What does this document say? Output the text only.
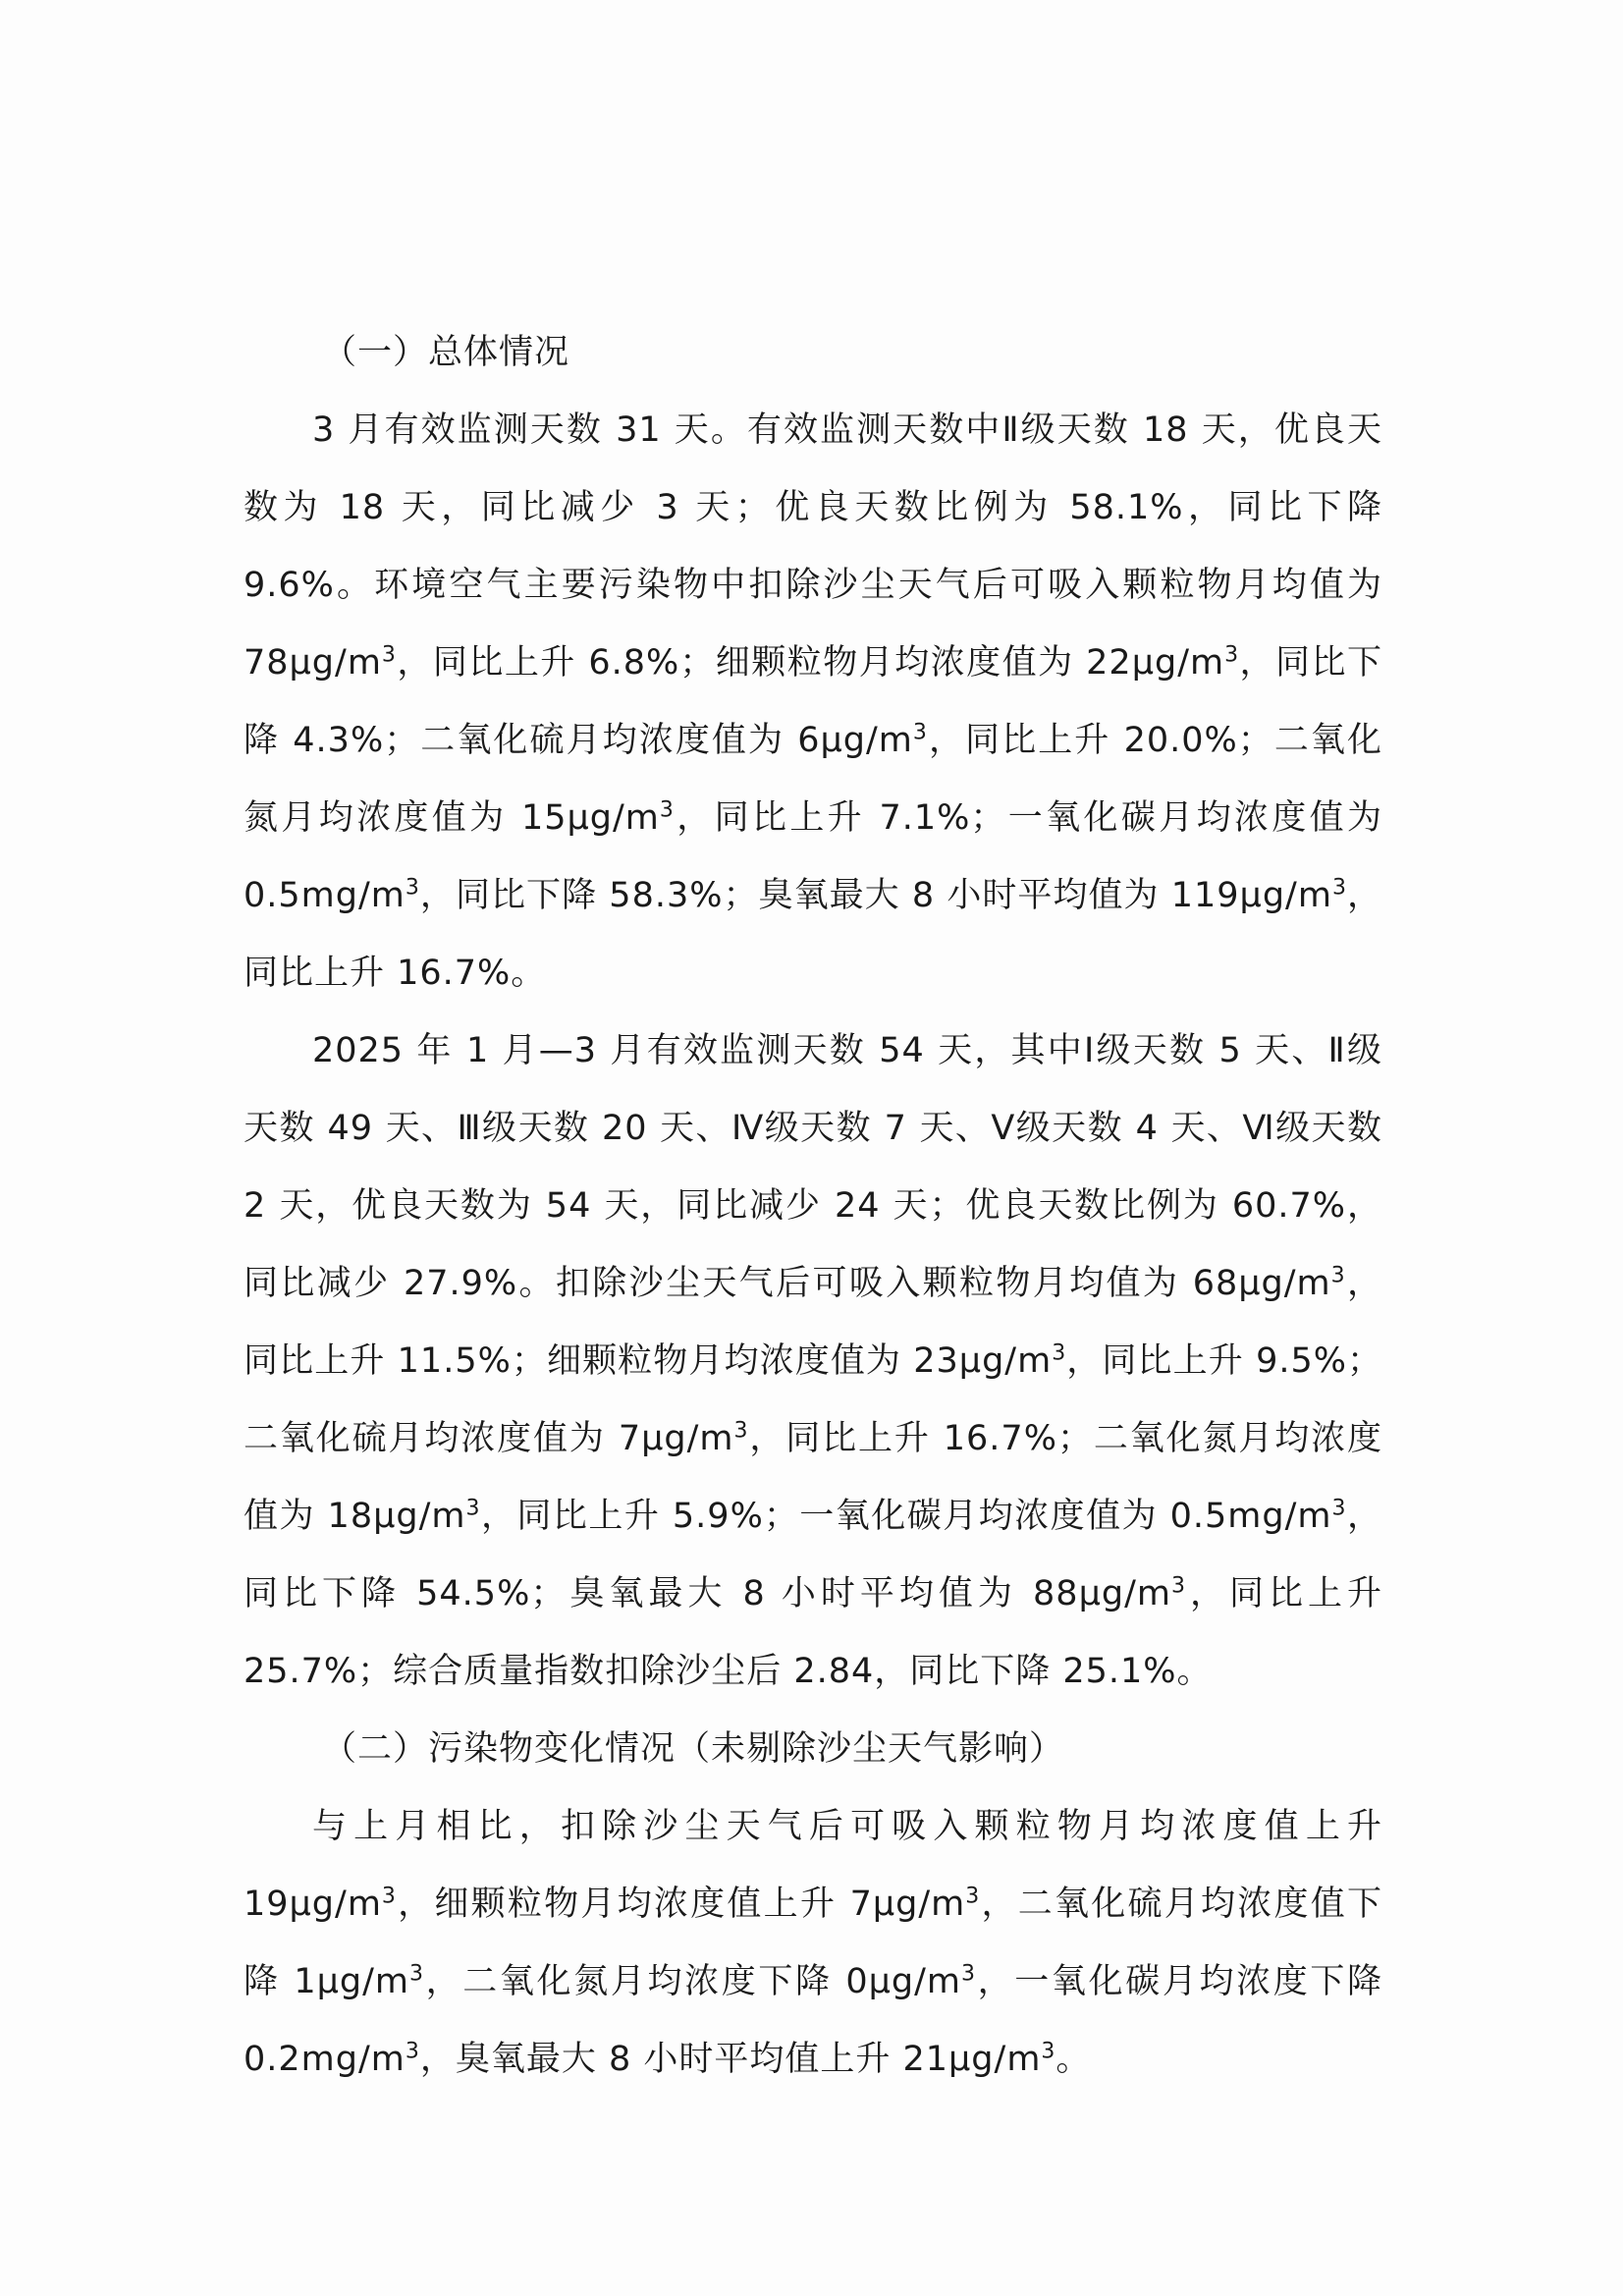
（一）总体情况

3 月有效监测天数 31 天。有效监测天数中Ⅱ级天数 18 天，优良天数为 18 天，同比减少 3 天；优良天数比例为 58.1%，同比下降 9.6%。环境空气主要污染物中扣除沙尘天气后可吸入颗粒物月均值为 $78\mu g/m^3$，同比上升 6.8%；细颗粒物月均浓度值为 $22\mu g/m^3$，同比下降 4.3%；二氧化硫月均浓度值为 $6\mu g/m^3$，同比上升 20.0%；二氧化氮月均浓度值为 $15\mu g/m^3$，同比上升 7.1%；一氧化碳月均浓度值为 $0.5mg/m^3$，同比下降 58.3%；臭氧最大 8 小时平均值为 $119\mu g/m^3$，同比上升 16.7%。

2025 年 1 月—3 月有效监测天数 54 天，其中Ⅰ级天数 5 天、Ⅱ级天数 49 天、Ⅲ级天数 20 天、Ⅳ级天数 7 天、Ⅴ级天数 4 天、Ⅵ级天数 2 天，优良天数为 54 天，同比减少 24 天；优良天数比例为 60.7%，同比减少 27.9%。扣除沙尘天气后可吸入颗粒物月均值为 $68\mu g/m^3$，同比上升 11.5%；细颗粒物月均浓度值为 $23\mu g/m^3$，同比上升 9.5%；二氧化硫月均浓度值为 $7\mu g/m^3$，同比上升 16.7%；二氧化氮月均浓度值为 $18\mu g/m^3$，同比上升 5.9%；一氧化碳月均浓度值为 $0.5mg/m^3$，同比下降 54.5%；臭氧最大 8 小时平均值为 $88\mu g/m^3$，同比上升 25.7%；综合质量指数扣除沙尘后 2.84，同比下降 25.1%。

（二）污染物变化情况（未剔除沙尘天气影响）

与上月相比，扣除沙尘天气后可吸入颗粒物月均浓度值上升 $19\mu g/m^3$，细颗粒物月均浓度值上升 $7\mu g/m^3$，二氧化硫月均浓度值下降 $1\mu g/m^3$，二氧化氮月均浓度下降 $0\mu g/m^3$，一氧化碳月均浓度下降 $0.2mg/m^3$，臭氧最大 8 小时平均值上升 $21\mu g/m^3$。
